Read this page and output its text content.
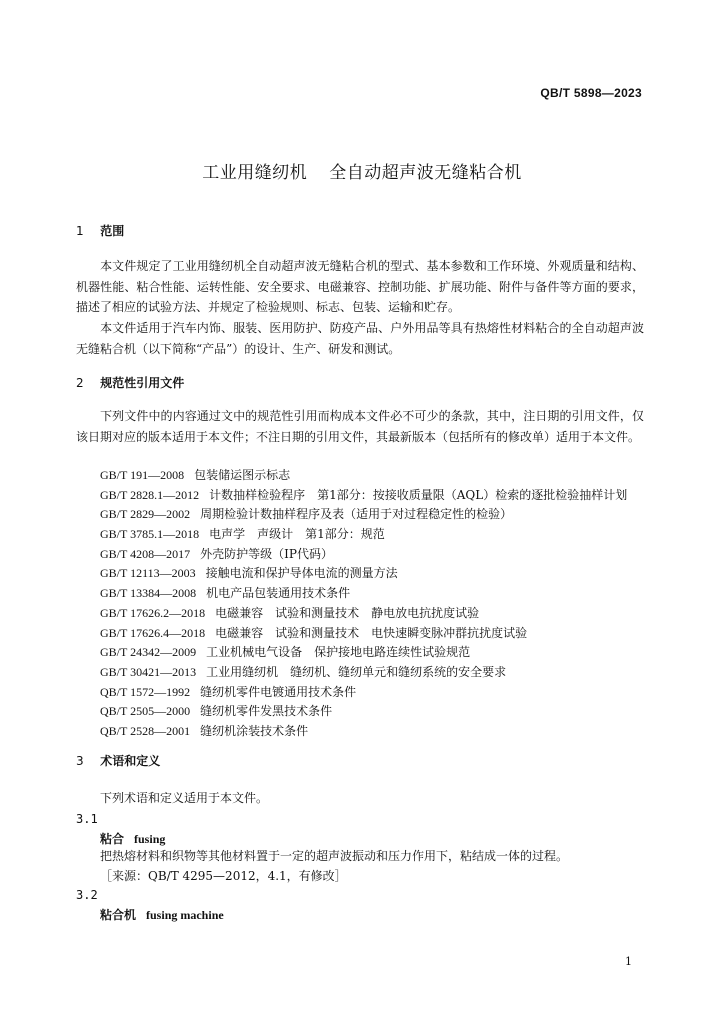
QB/T 5898—2023
工业用缝纫机 全自动超声波无缝粘合机
1 范围
本文件规定了工业用缝纫机全自动超声波无缝粘合机的型式、基本参数和工作环境、外观质量和结构、机器性能、粘合性能、运转性能、安全要求、电磁兼容、控制功能、扩展功能、附件与备件等方面的要求，描述了相应的试验方法、并规定了检验规则、标志、包装、运输和贮存。
本文件适用于汽车内饰、服装、医用防护、防疫产品、户外用品等具有热熔性材料粘合的全自动超声波无缝粘合机（以下简称“产品”）的设计、生产、研发和测试。
2 规范性引用文件
下列文件中的内容通过文中的规范性引用而构成本文件必不可少的条款，其中，注日期的引用文件，仅该日期对应的版本适用于本文件；不注日期的引用文件，其最新版本（包括所有的修改单）适用于本文件。
GB/T 191—2008 包装储运图示标志
GB/T 2828.1—2012 计数抽样检验程序　第1部分：按接收质量限（AQL）检索的逐批检验抽样计划
GB/T 2829—2002 周期检验计数抽样程序及表（适用于对过程稳定性的检验）
GB/T 3785.1—2018 电声学　声级计　第1部分：规范
GB/T 4208—2017 外壳防护等级（IP代码）
GB/T 12113—2003 接触电流和保护导体电流的测量方法
GB/T 13384—2008 机电产品包装通用技术条件
GB/T 17626.2—2018 电磁兼容　试验和测量技术　静电放电抗扰度试验
GB/T 17626.4—2018 电磁兼容　试验和测量技术　电快速瞬变脉冲群抗扰度试验
GB/T 24342—2009 工业机械电气设备　保护接地电路连续性试验规范
GB/T 30421—2013 工业用缝纫机　缝纫机、缝纫单元和缝纫系统的安全要求
QB/T 1572—1992 缝纫机零件电镀通用技术条件
QB/T 2505—2000 缝纫机零件发黑技术条件
QB/T 2528—2001 缝纫机涂装技术条件
3 术语和定义
下列术语和定义适用于本文件。
3.1
粘合 fusing
把热熔材料和织物等其他材料置于一定的超声波振动和压力作用下，粘结成一体的过程。
［来源：QB/T 4295—2012，4.1，有修改］
3.2
粘合机 fusing machine
1
